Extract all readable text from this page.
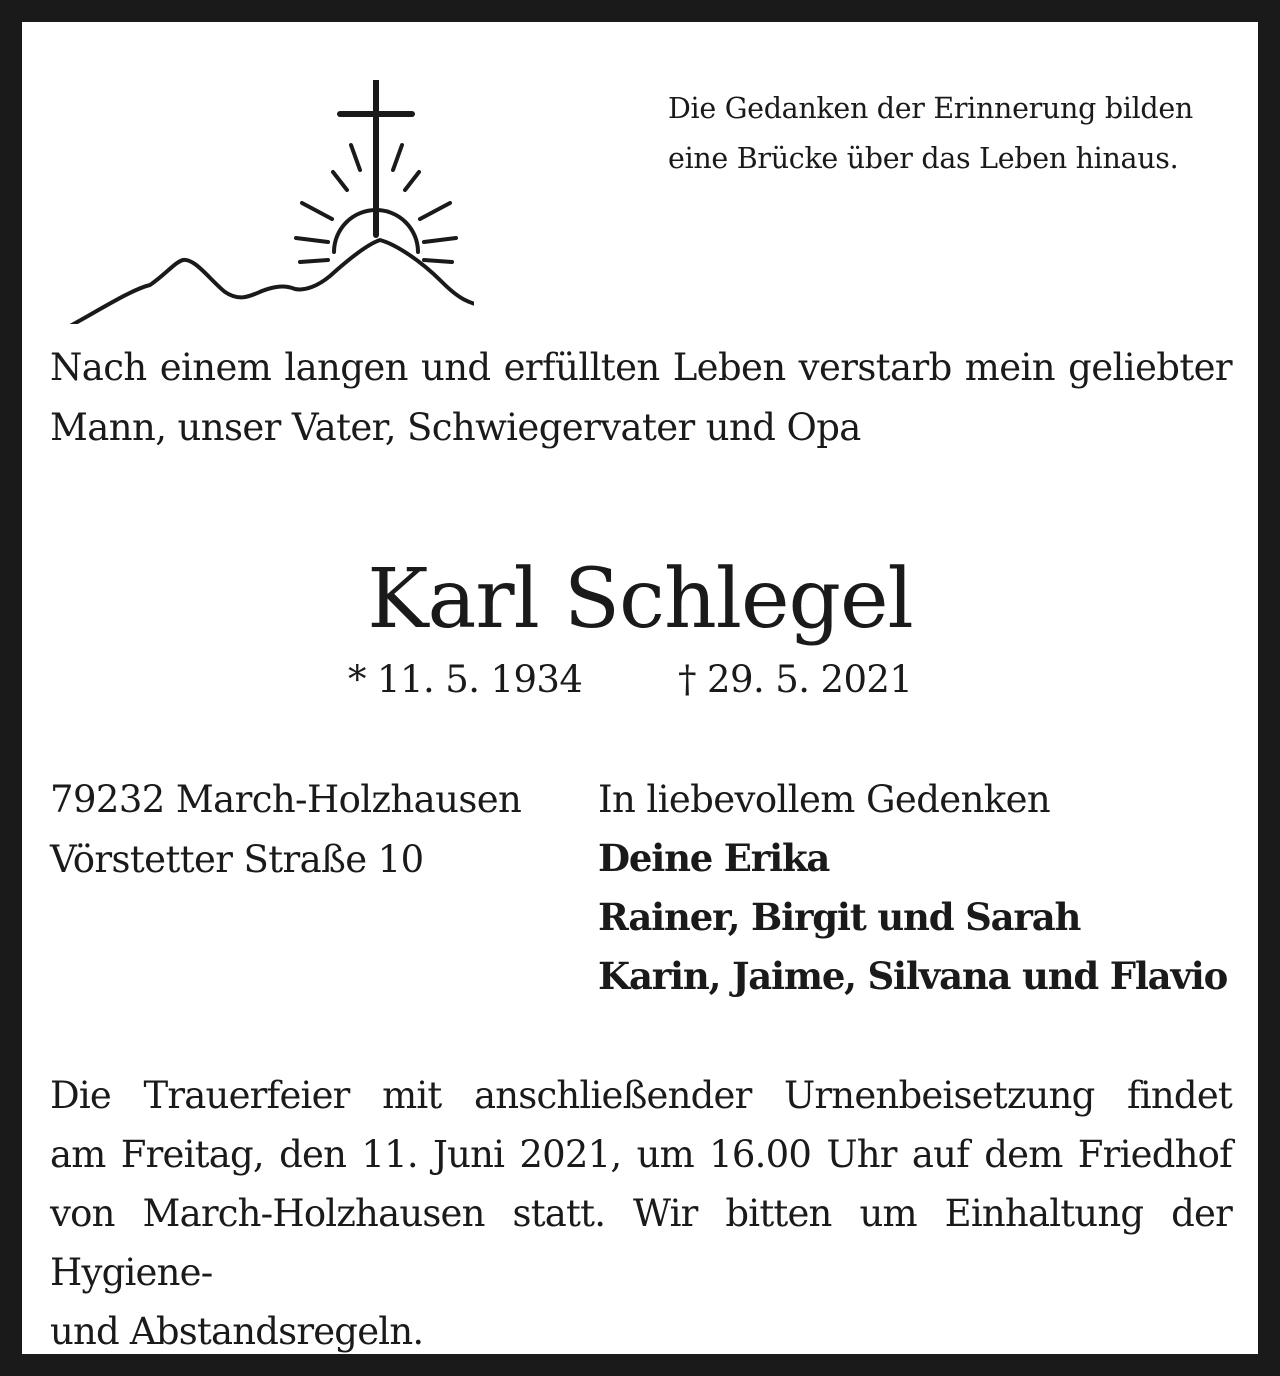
Die Gedanken der Erinnerung bilden
eine Brücke über das Leben hinaus.
Nach einem langen und erfüllten Leben verstarb mein geliebter
Mann, unser Vater, Schwiegervater und Opa
Karl Schlegel
* 11. 5. 1934	† 29. 5. 2021
79232 March-Holzhausen
Vörstetter Straße 10
In liebevollem Gedenken
Deine Erika
Rainer, Birgit und Sarah
Karin, Jaime, Silvana und Flavio
Die Trauerfeier mit anschließender Urnenbeisetzung findet
am Freitag, den 11. Juni 2021, um 16.00 Uhr auf dem Friedhof
von March-Holzhausen statt. Wir bitten um Einhaltung der Hygiene-
und Abstandsregeln.
